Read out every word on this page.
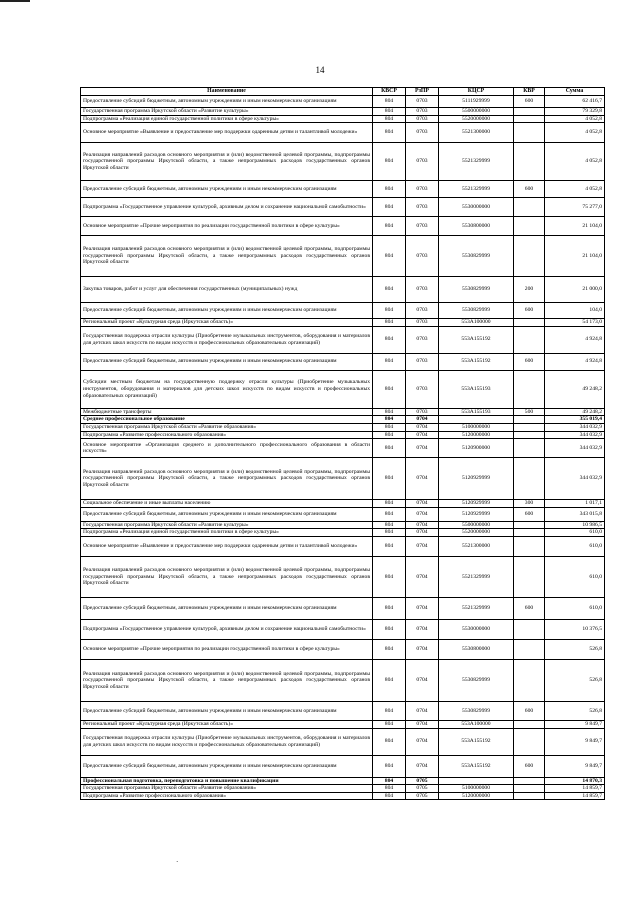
14
Наименование	КВСР	РзПР	КЦСР	КВР	Сумма
Предоставление субсидий бюджетным, автономным учреждениям и иным некоммерческим организациям	804	0703	5111929999	600	62 416,7
Государственная программа Иркутской области «Развитие культуры»	804	0703	5500000000		79 329,8
Подпрограмма «Реализация единой государственной политики в сфере культуры»	804	0703	5520000000		4 052,8
Основное мероприятие «Выявление и предоставление мер поддержки одаренным детям и талантливой молодежи»	804	0703	5521300000		4 052,8
Реализация направлений расходов основного мероприятия и (или) ведомственной целевой программы, подпрограммы государственной программы Иркутской области, а также непрограммных расходов государственных органов Иркутской области	804	0703	5521329999		4 052,8
Предоставление субсидий бюджетным, автономным учреждениям и иным некоммерческим организациям	804	0703	5521329999	600	4 052,8
Подпрограмма «Государственное управление культурой, архивным делом и сохранение национальной самобытности»	804	0703	5530000000		75 277,0
Основное мероприятие «Прочие мероприятия по реализации государственной политики в сфере культуры»	804	0703	5530800000		21 104,0
Реализация направлений расходов основного мероприятия и (или) ведомственной целевой программы, подпрограммы государственной программы Иркутской области, а также непрограммных расходов государственных органов Иркутской области	804	0703	5530829999		21 104,0
Закупка товаров, работ и услуг для обеспечения государственных (муниципальных) нужд	804	0703	5530829999	200	21 000,0
Предоставление субсидий бюджетным, автономным учреждениям и иным некоммерческим организациям	804	0703	5530829999	600	104,0
Региональный проект «Культурная среда (Иркутская область)»	804	0703	553A100000		54 173,0
Государственная поддержка отрасли культуры (Приобретение музыкальных инструментов, оборудования и материалов для детских школ искусств по видам искусств и профессиональных образовательных организаций)	804	0703	553A155192		4 924,8
Предоставление субсидий бюджетным, автономным учреждениям и иным некоммерческим организациям	804	0703	553A155192	600	4 924,8
Субсидии местным бюджетам на государственную поддержку отрасли культуры (Приобретение музыкальных инструментов, оборудования и материалов для детских школ искусств по видам искусств и профессиональных образовательных организаций)	804	0703	553A155193		49 248,2
Межбюджетные трансферты	804	0703	553A155193	500	49 248,2
Среднее профессиональное образование	804	0704			355 019,4
Государственная программа Иркутской области «Развитие образования»	804	0704	5100000000		344 032,9
Подпрограмма «Развитие профессионального образования»	804	0704	5120000000		344 032,9
Основное мероприятие «Организация среднего и дополнительного профессионального образования в области искусств»	804	0704	5120900000		344 032,9
Реализация направлений расходов основного мероприятия и (или) ведомственной целевой программы, подпрограммы государственной программы Иркутской области, а также непрограммных расходов государственных органов Иркутской области	804	0704	5120929999		344 032,9
Социальное обеспечение и иные выплаты населению	804	0704	5120929999	300	1 017,1
Предоставление субсидий бюджетным, автономным учреждениям и иным некоммерческим организациям	804	0704	5120929999	600	343 015,8
Государственная программа Иркутской области «Развитие культуры»	804	0704	5500000000		10 986,5
Подпрограмма «Реализация единой государственной политики в сфере культуры»	804	0704	5520000000		610,0
Основное мероприятие «Выявление и предоставление мер поддержки одаренным детям и талантливой молодежи»	804	0704	5521300000		610,0
Реализация направлений расходов основного мероприятия и (или) ведомственной целевой программы, подпрограммы государственной программы Иркутской области, а также непрограммных расходов государственных органов Иркутской области	804	0704	5521329999		610,0
Предоставление субсидий бюджетным, автономным учреждениям и иным некоммерческим организациям	804	0704	5521329999	600	610,0
Подпрограмма «Государственное управление культурой, архивным делом и сохранение национальной самобытности»	804	0704	5530000000		10 376,5
Основное мероприятие «Прочие мероприятия по реализации государственной политики в сфере культуры»	804	0704	5530800000		526,8
Реализация направлений расходов основного мероприятия и (или) ведомственной целевой программы, подпрограммы государственной программы Иркутской области, а также непрограммных расходов государственных органов Иркутской области	804	0704	5530829999		526,8
Предоставление субсидий бюджетным, автономным учреждениям и иным некоммерческим организациям	804	0704	5530829999	600	526,8
Региональный проект «Культурная среда (Иркутская область)»	804	0704	553A100000		9 849,7
Государственная поддержка отрасли культуры (Приобретение музыкальных инструментов, оборудования и материалов для детских школ искусств по видам искусств и профессиональных образовательных организаций)	804	0704	553A155192		9 849,7
Предоставление субсидий бюджетным, автономным учреждениям и иным некоммерческим организациям	804	0704	553A155192	600	9 849,7
Профессиональная подготовка, переподготовка и повышение квалификации	804	0705			14 870,3
Государственная программа Иркутской области «Развитие образования»	804	0705	5100000000		14 859,7
Подпрограмма «Развитие профессионального образования»	804	0705	5120000000		14 859,7
·
